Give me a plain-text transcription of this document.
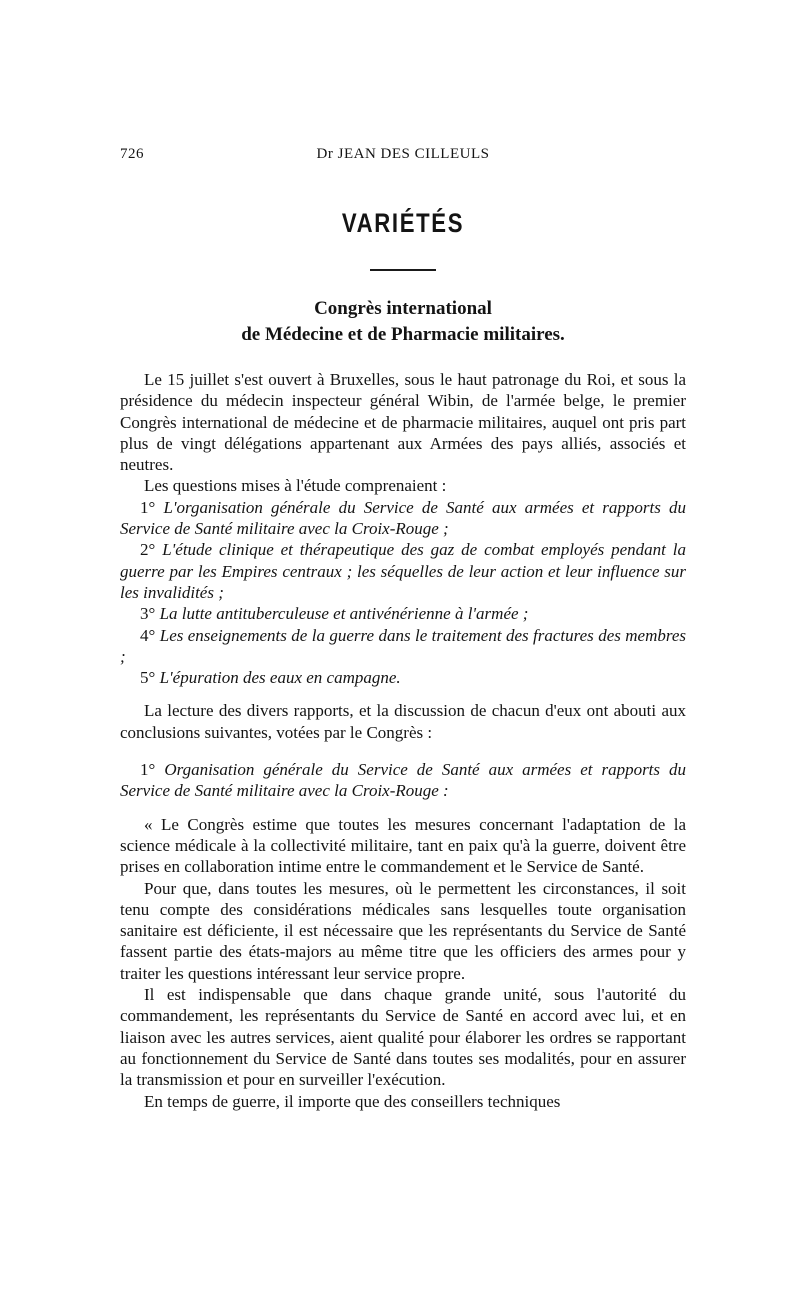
726	Dr JEAN DES CILLEULS
VARIÉTÉS
Congrès international
de Médecine et de Pharmacie militaires.

Le 15 juillet s'est ouvert à Bruxelles, sous le haut patronage du Roi, et sous la présidence du médecin inspecteur général Wibin, de l'armée belge, le premier Congrès international de médecine et de pharmacie militaires, auquel ont pris part plus de vingt délégations appartenant aux Armées des pays alliés, associés et neutres.

Les questions mises à l'étude comprenaient :

1° L'organisation générale du Service de Santé aux armées et rapports du Service de Santé militaire avec la Croix-Rouge ;

2° L'étude clinique et thérapeutique des gaz de combat employés pendant la guerre par les Empires centraux ; les séquelles de leur action et leur influence sur les invalidités ;

3° La lutte antituberculeuse et antivénérienne à l'armée ;

4° Les enseignements de la guerre dans le traitement des fractures des membres ;

5° L'épuration des eaux en campagne.

La lecture des divers rapports, et la discussion de chacun d'eux ont abouti aux conclusions suivantes, votées par le Congrès :

1° Organisation générale du Service de Santé aux armées et rapports du Service de Santé militaire avec la Croix-Rouge :

« Le Congrès estime que toutes les mesures concernant l'adaptation de la science médicale à la collectivité militaire, tant en paix qu'à la guerre, doivent être prises en collaboration intime entre le commandement et le Service de Santé.

Pour que, dans toutes les mesures, où le permettent les circonstances, il soit tenu compte des considérations médicales sans lesquelles toute organisation sanitaire est déficiente, il est nécessaire que les représentants du Service de Santé fassent partie des états-majors au même titre que les officiers des armes pour y traiter les questions intéressant leur service propre.

Il est indispensable que dans chaque grande unité, sous l'autorité du commandement, les représentants du Service de Santé en accord avec lui, et en liaison avec les autres services, aient qualité pour élaborer les ordres se rapportant au fonctionnement du Service de Santé dans toutes ses modalités, pour en assurer la transmission et pour en surveiller l'exécution.

En temps de guerre, il importe que des conseillers techniques
